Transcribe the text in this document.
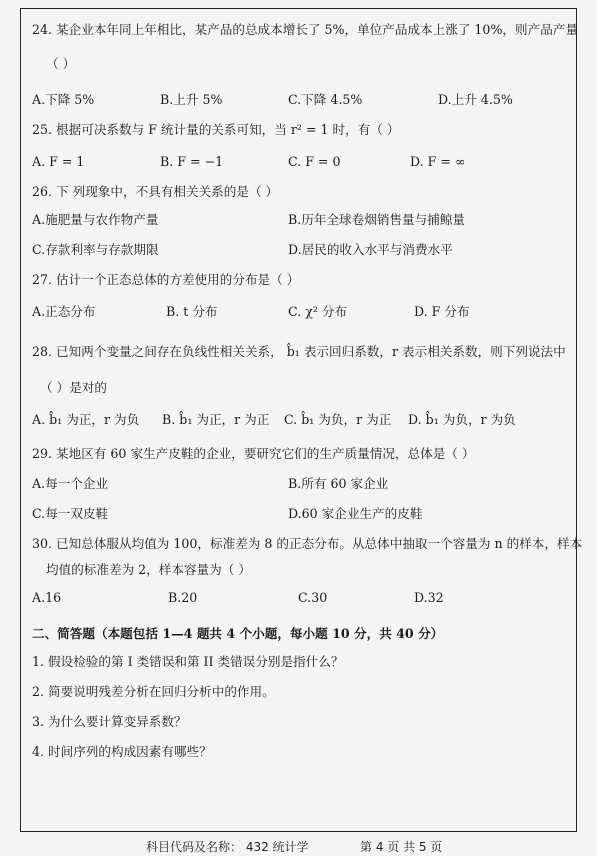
24. 某企业本年同上年相比，某产品的总成本增长了 5%，单位产品成本上涨了 10%，则产品产量
（ ）
A.下降 5%	B.上升 5%	C.下降 4.5%	D.上升 4.5%
25. 根据可决系数与 F 统计量的关系可知，当 r² = 1 时，有（ ）
A. F = 1	B. F = −1	C. F = 0	D. F = ∞
26. 下 列现象中，不具有相关关系的是（ ）
A.施肥量与农作物产量	B.历年全球卷烟销售量与捕鲸量
C.存款利率与存款期限	D.居民的收入水平与消费水平
27. 估计一个正态总体的方差使用的分布是（ ）
A.正态分布	B. t 分布	C. χ² 分布	D. F 分布
28. 已知两个变量之间存在负线性相关关系， b̂₁ 表示回归系数，r 表示相关系数，则下列说法中
（ ）是对的
A. b̂₁ 为正，r 为负 B. b̂₁ 为正，r 为正 C. b̂₁ 为负，r 为正 D. b̂₁ 为负，r 为负
29. 某地区有 60 家生产皮鞋的企业，要研究它们的生产质量情况，总体是（ ）
A.每一个企业	B.所有 60 家企业
C.每一双皮鞋	D.60 家企业生产的皮鞋
30. 已知总体服从均值为 100，标准差为 8 的正态分布。从总体中抽取一个容量为 n 的样本，样本
均值的标准差为 2，样本容量为（ ）
A.16	B.20	C.30	D.32
二、简答题（本题包括 1—4 题共 4 个小题，每小题 10 分，共 40 分）
1. 假设检验的第 I 类错误和第 II 类错误分别是指什么？
2. 简要说明残差分析在回归分析中的作用。
3. 为什么要计算变异系数？
4. 时间序列的构成因素有哪些？
科目代码及名称： 432 统计学	第 4 页 共 5 页
